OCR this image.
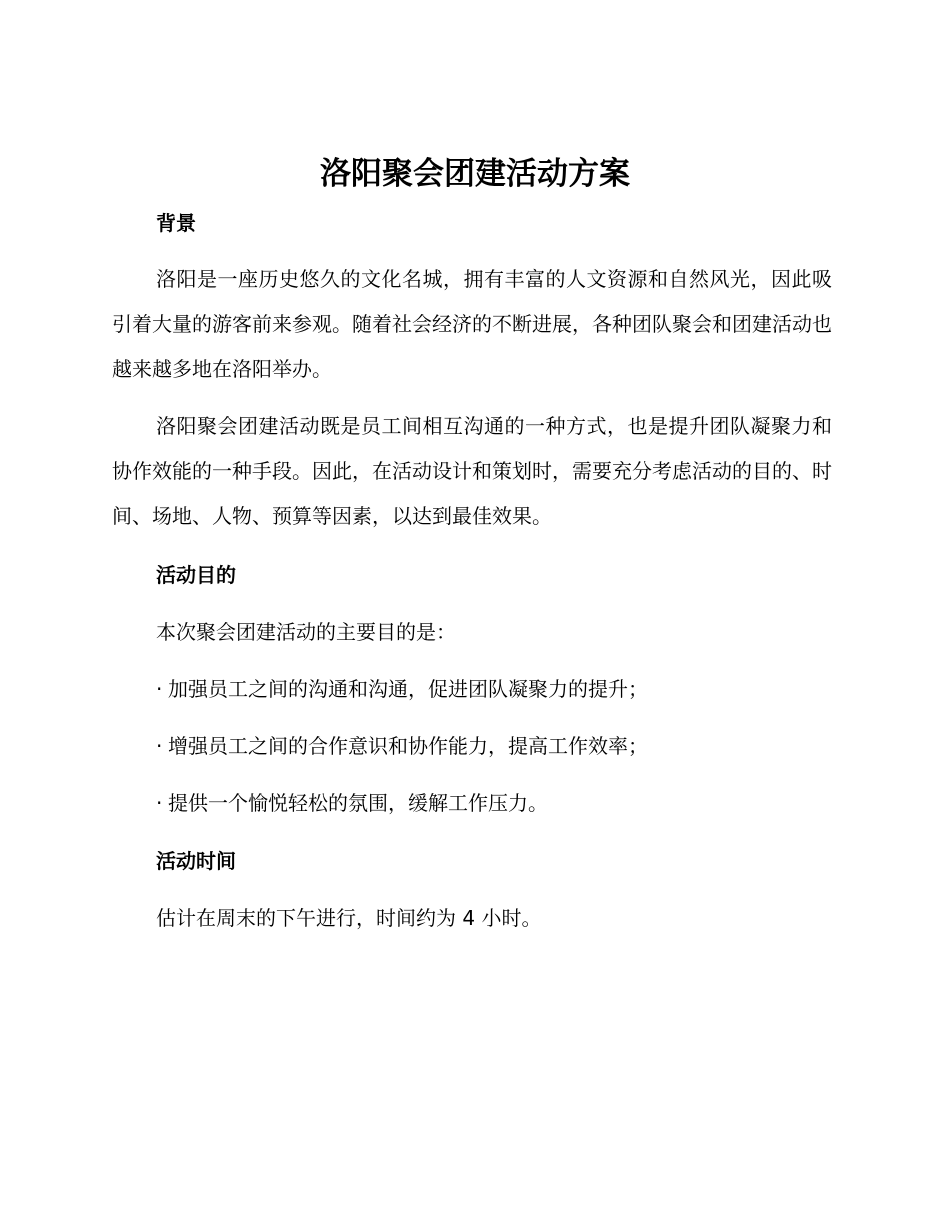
洛阳聚会团建活动方案
背景

洛阳是一座历史悠久的文化名城，拥有丰富的人文资源和自然风光，因此吸引着大量的游客前来参观。随着社会经济的不断进展，各种团队聚会和团建活动也越来越多地在洛阳举办。

洛阳聚会团建活动既是员工间相互沟通的一种方式，也是提升团队凝聚力和协作效能的一种手段。因此，在活动设计和策划时，需要充分考虑活动的目的、时间、场地、人物、预算等因素，以达到最佳效果。

活动目的

本次聚会团建活动的主要目的是：

· 加强员工之间的沟通和沟通，促进团队凝聚力的提升；

· 增强员工之间的合作意识和协作能力，提高工作效率；

· 提供一个愉悦轻松的氛围，缓解工作压力。

活动时间

估计在周末的下午进行，时间约为 4 小时。
